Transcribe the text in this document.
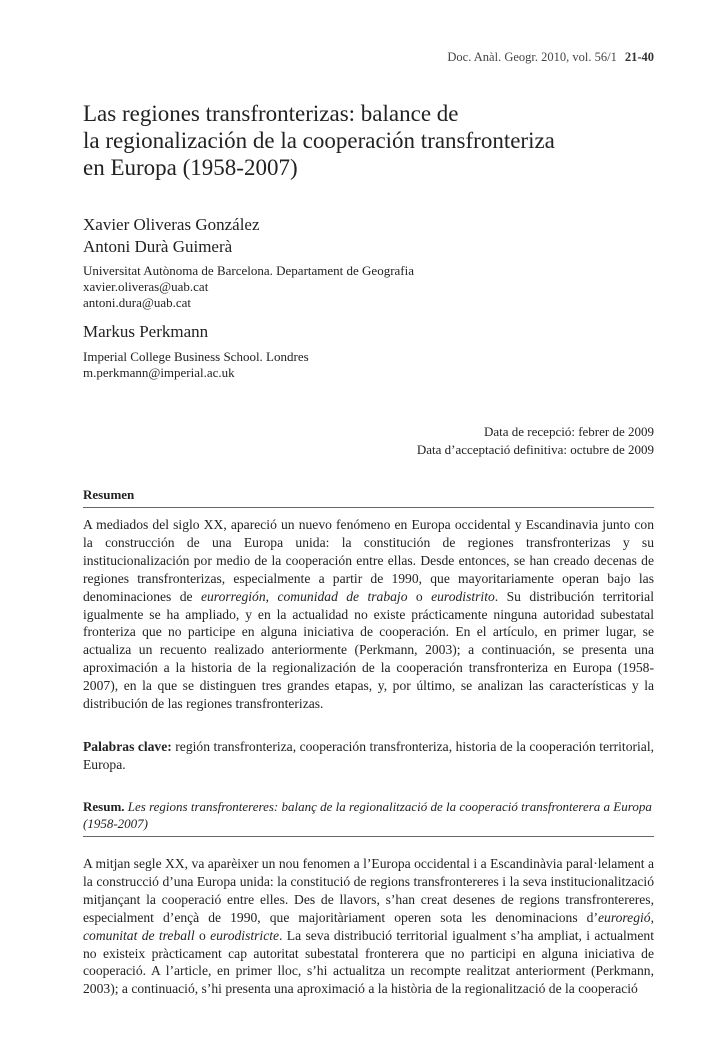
Doc. Anàl. Geogr. 2010, vol. 56/1 21-40
Las regiones transfronterizas: balance de
la regionalización de la cooperación transfronteriza
en Europa (1958-2007)
Xavier Oliveras González
Antoni Durà Guimerà
Universitat Autònoma de Barcelona. Departament de Geografia
xavier.oliveras@uab.cat
antoni.dura@uab.cat
Markus Perkmann
Imperial College Business School. Londres
m.perkmann@imperial.ac.uk
Data de recepció: febrer de 2009
Data d’acceptació definitiva: octubre de 2009
Resumen

A mediados del siglo XX, apareció un nuevo fenómeno en Europa occidental y Escandinavia junto con la construcción de una Europa unida: la constitución de regiones transfronterizas y su institucionalización por medio de la cooperación entre ellas. Desde entonces, se han creado decenas de regiones transfronterizas, especialmente a partir de 1990, que mayoritariamente operan bajo las denominaciones de eurorregión, comunidad de trabajo o eurodistrito. Su distribución territorial igualmente se ha ampliado, y en la actualidad no existe prácticamente ninguna autoridad subestatal fronteriza que no participe en alguna iniciativa de cooperación. En el artículo, en primer lugar, se actualiza un recuento realizado anteriormente (Perkmann, 2003); a continuación, se presenta una aproximación a la historia de la regionalización de la cooperación transfronteriza en Europa (1958-2007), en la que se distinguen tres grandes etapas, y, por último, se analizan las características y la distribución de las regiones transfronterizas.

Palabras clave: región transfronteriza, cooperación transfronteriza, historia de la cooperación territorial, Europa.

Resum. Les regions transfrontereres: balanç de la regionalització de la cooperació transfronterera a Europa (1958-2007)

A mitjan segle XX, va aparèixer un nou fenomen a l’Europa occidental i a Escandinàvia paral·lelament a la construcció d’una Europa unida: la constitució de regions transfrontereres i la seva institucionalització mitjançant la cooperació entre elles. Des de llavors, s’han creat desenes de regions transfrontereres, especialment d’ençà de 1990, que majoritàriament operen sota les denominacions d’euroregió, comunitat de treball o eurodistricte. La seva distribució territorial igualment s’ha ampliat, i actualment no existeix pràcticament cap autoritat subestatal fronterera que no participi en alguna iniciativa de cooperació. A l’article, en primer lloc, s’hi actualitza un recompte realitzat anteriorment (Perkmann, 2003); a continuació, s’hi presenta una aproximació a la història de la regionalització de la cooperació
